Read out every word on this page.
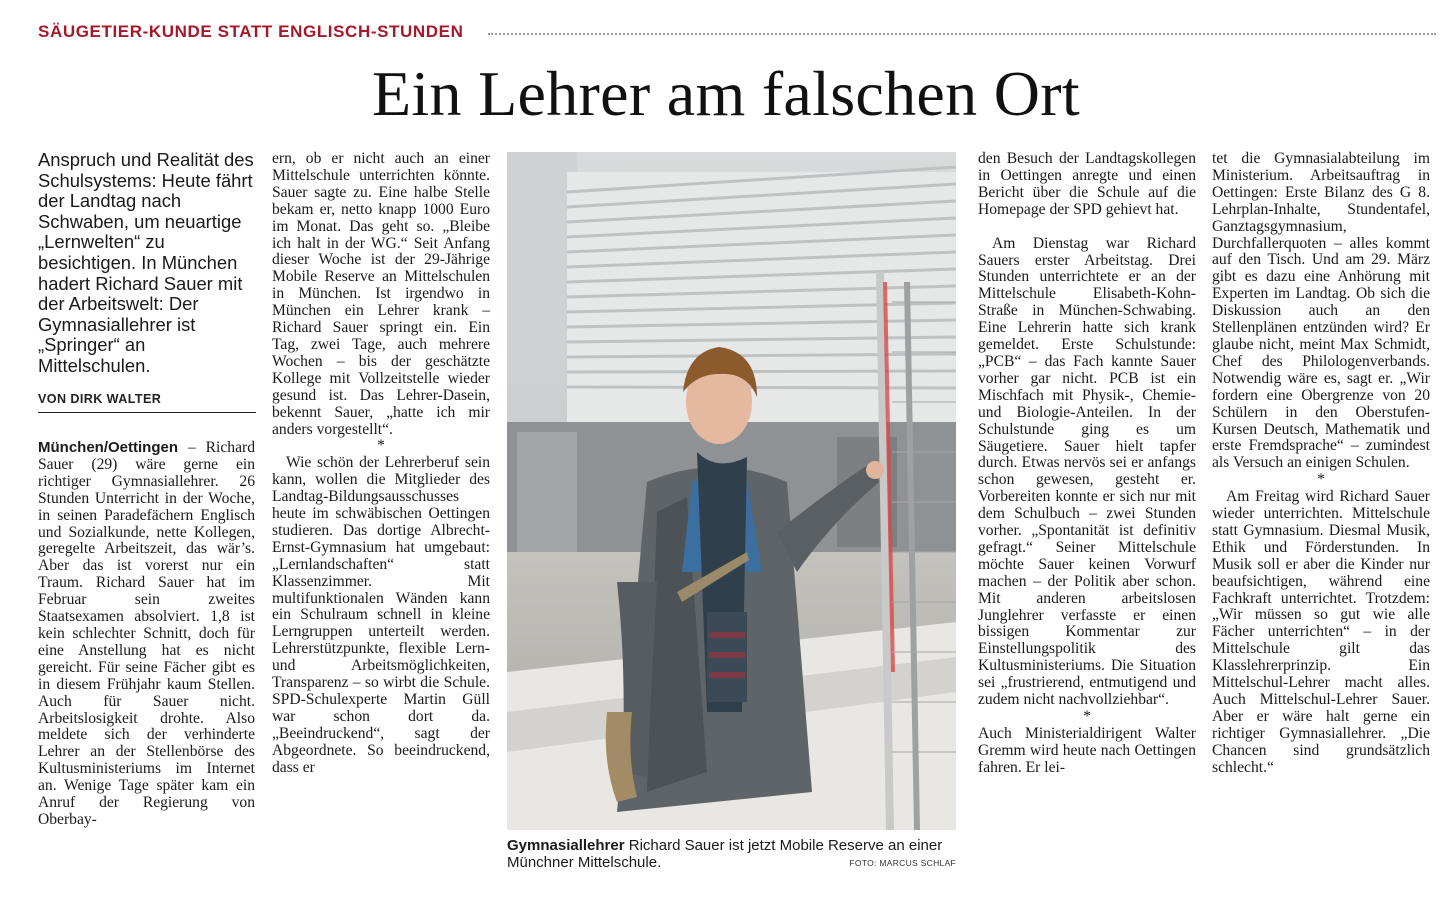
SÄUGETIER-KUNDE STATT ENGLISCH-STUNDEN
Ein Lehrer am falschen Ort
Anspruch und Realität des Schulsystems: Heute fährt der Landtag nach Schwaben, um neuartige „Lernwelten“ zu besichtigen. In München hadert Richard Sauer mit der Arbeitswelt: Der Gymnasiallehrer ist „Springer“ an Mittelschulen.
VON DIRK WALTER

München/Oettingen – Richard Sauer (29) wäre gerne ein richtiger Gymnasiallehrer. 26 Stunden Unterricht in der Woche, in seinen Paradefächern Englisch und Sozialkunde, nette Kollegen, geregelte Arbeitszeit, das wär’s. Aber das ist vorerst nur ein Traum. Richard Sauer hat im Februar sein zweites Staatsexamen absolviert. 1,8 ist kein schlechter Schnitt, doch für eine Anstellung hat es nicht gereicht. Für seine Fächer gibt es in diesem Frühjahr kaum Stellen. Auch für Sauer nicht. Arbeitslosigkeit drohte. Also meldete sich der verhinderte Lehrer an der Stellenbörse des Kultusministeriums im Internet an. Wenige Tage später kam ein Anruf der Regierung von Oberbay-

ern, ob er nicht auch an einer Mittelschule unterrichten könnte. Sauer sagte zu. Eine halbe Stelle bekam er, netto knapp 1000 Euro im Monat. Das geht so. „Bleibe ich halt in der WG.“ Seit Anfang dieser Woche ist der 29-Jährige Mobile Reserve an Mittelschulen in München. Ist irgendwo in München ein Lehrer krank – Richard Sauer springt ein. Ein Tag, zwei Tage, auch mehrere Wochen – bis der geschätzte Kollege mit Vollzeitstelle wieder gesund ist. Das Lehrer-Dasein, bekennt Sauer, „hatte ich mir anders vorgestellt“.

*

Wie schön der Lehrerberuf sein kann, wollen die Mitglieder des Landtag-Bildungsausschusses heute im schwäbischen Oettingen studieren. Das dortige Albrecht-Ernst-Gymnasium hat umgebaut: „Lernlandschaften“ statt Klassenzimmer. Mit multifunktionalen Wänden kann ein Schulraum schnell in kleine Lerngruppen unterteilt werden. Lehrerstützpunkte, flexible Lern- und Arbeitsmöglichkeiten, Transparenz – so wirbt die Schule. SPD-Schulexperte Martin Güll war schon dort da. „Beeindruckend“, sagt der Abgeordnete. So beeindruckend, dass er

den Besuch der Landtagskollegen in Oettingen anregte und einen Bericht über die Schule auf die Homepage der SPD gehievt hat.

Am Dienstag war Richard Sauers erster Arbeitstag. Drei Stunden unterrichtete er an der Mittelschule Elisabeth-Kohn-Straße in München-Schwabing. Eine Lehrerin hatte sich krank gemeldet. Erste Schulstunde: „PCB“ – das Fach kannte Sauer vorher gar nicht. PCB ist ein Mischfach mit Physik-, Chemie- und Biologie-Anteilen. In der Schulstunde ging es um Säugetiere. Sauer hielt tapfer durch. Etwas nervös sei er anfangs schon gewesen, gesteht er. Vorbereiten konnte er sich nur mit dem Schulbuch – zwei Stunden vorher. „Spontanität ist definitiv gefragt.“ Seiner Mittelschule möchte Sauer keinen Vorwurf machen – der Politik aber schon. Mit anderen arbeitslosen Junglehrer verfasste er einen bissigen Kommentar zur Einstellungspolitik des Kultusministeriums. Die Situation sei „frustrierend, entmutigend und zudem nicht nachvollziehbar“.

*

Auch Ministerialdirigent Walter Gremm wird heute nach Oettingen fahren. Er lei-

tet die Gymnasialabteilung im Ministerium. Arbeitsauftrag in Oettingen: Erste Bilanz des G 8. Lehrplan-Inhalte, Stundentafel, Ganztagsgymnasium, Durchfallerquoten – alles kommt auf den Tisch. Und am 29. März gibt es dazu eine Anhörung mit Experten im Landtag. Ob sich die Diskussion auch an den Stellenplänen entzünden wird? Er glaube nicht, meint Max Schmidt, Chef des Philologenverbands. Notwendig wäre es, sagt er. „Wir fordern eine Obergrenze von 20 Schülern in den Oberstufen-Kursen Deutsch, Mathematik und erste Fremdsprache“ – zumindest als Versuch an einigen Schulen.

*

Am Freitag wird Richard Sauer wieder unterrichten. Mittelschule statt Gymnasium. Diesmal Musik, Ethik und Förderstunden. In Musik soll er aber die Kinder nur beaufsichtigen, während eine Fachkraft unterrichtet. Trotzdem: „Wir müssen so gut wie alle Fächer unterrichten“ – in der Mittelschule gilt das Klasslehrerprinzip. Ein Mittelschul-Lehrer macht alles. Auch Mittelschul-Lehrer Sauer. Aber er wäre halt gerne ein richtiger Gymnasiallehrer. „Die Chancen sind grundsätzlich schlecht.“

Gymnasiallehrer Richard Sauer ist jetzt Mobile Reserve an einer Münchner Mittelschule.	FOTO: MARCUS SCHLAF
